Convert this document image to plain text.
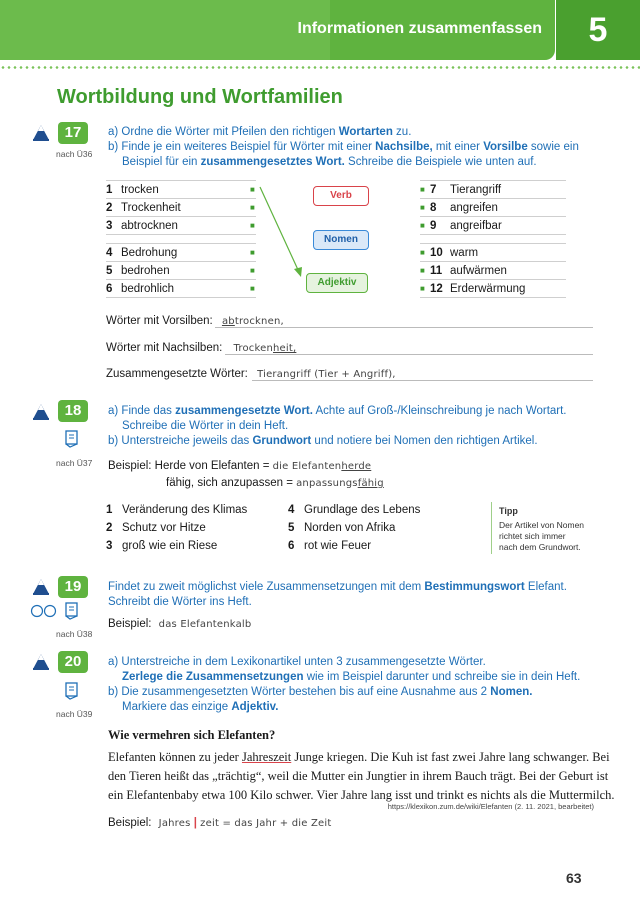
Informationen zusammenfassen	5
Wortbildung und Wortfamilien
17
nach Ü36
a) Ordne die Wörter mit Pfeilen den richtigen Wortarten zu.
b) Finde je ein weiteres Beispiel für Wörter mit einer Nachsilbe, mit einer Vorsilbe sowie ein
Beispiel für ein zusammengesetztes Wort. Schreibe die Beispiele wie unten auf.
1 trocken	■
2 Trockenheit	■
3 abtrocknen	■
4 Bedrohung	■
5 bedrohen	■
6 bedrohlich	■
■ 7	Tierangriff
■ 8	angreifen
■ 9	angreifbar
■ 10 warm
■ 11 aufwärmen
■ 12 Erderwärmung
Verb
Nomen
Adjektiv
Wörter mit Vorsilben: abtrocknen,
Wörter mit Nachsilben: Trockenheit,
Zusammengesetzte Wörter: Tierangriff (Tier + Angriff),
18
nach Ü37
a) Finde das zusammengesetzte Wort. Achte auf Groß-/Kleinschreibung je nach Wortart.
Schreibe die Wörter in dein Heft.
b) Unterstreiche jeweils das Grundwort und notiere bei Nomen den richtigen Artikel.
Beispiel: Herde von Elefanten = die Elefantenherde
fähig, sich anzupassen = anpassungsfähig
1 Veränderung des Klimas
2 Schutz vor Hitze
3 groß wie ein Riese
4 Grundlage des Lebens
5 Norden von Afrika
6 rot wie Feuer
Tipp
Der Artikel von Nomen
richtet sich immer
nach dem Grundwort.
19
nach Ü38
Findet zu zweit möglichst viele Zusammensetzungen mit dem Bestimmungswort Elefant.
Schreibt die Wörter ins Heft.
Beispiel: das Elefantenkalb
20
nach Ü39
a) Unterstreiche in dem Lexikonartikel unten 3 zusammengesetzte Wörter.
Zerlege die Zusammensetzungen wie im Beispiel darunter und schreibe sie in dein Heft.
b) Die zusammengesetzten Wörter bestehen bis auf eine Ausnahme aus 2 Nomen.
Markiere das einzige Adjektiv.
Wie vermehren sich Elefanten?
Elefanten können zu jeder Jahreszeit Junge kriegen. Die Kuh ist fast zwei Jahre lang schwanger. Bei
den Tieren heißt das „trächtig“, weil die Mutter ein Jungtier in ihrem Bauch trägt. Bei der Geburt ist
ein Elefantenbaby etwa 100 Kilo schwer. Vier Jahre lang isst und trinkt es nichts als die Muttermilch.
https://klexikon.zum.de/wiki/Elefanten (2. 11. 2021, bearbeitet)
Beispiel: Jahres | zeit = das Jahr + die Zeit
63
